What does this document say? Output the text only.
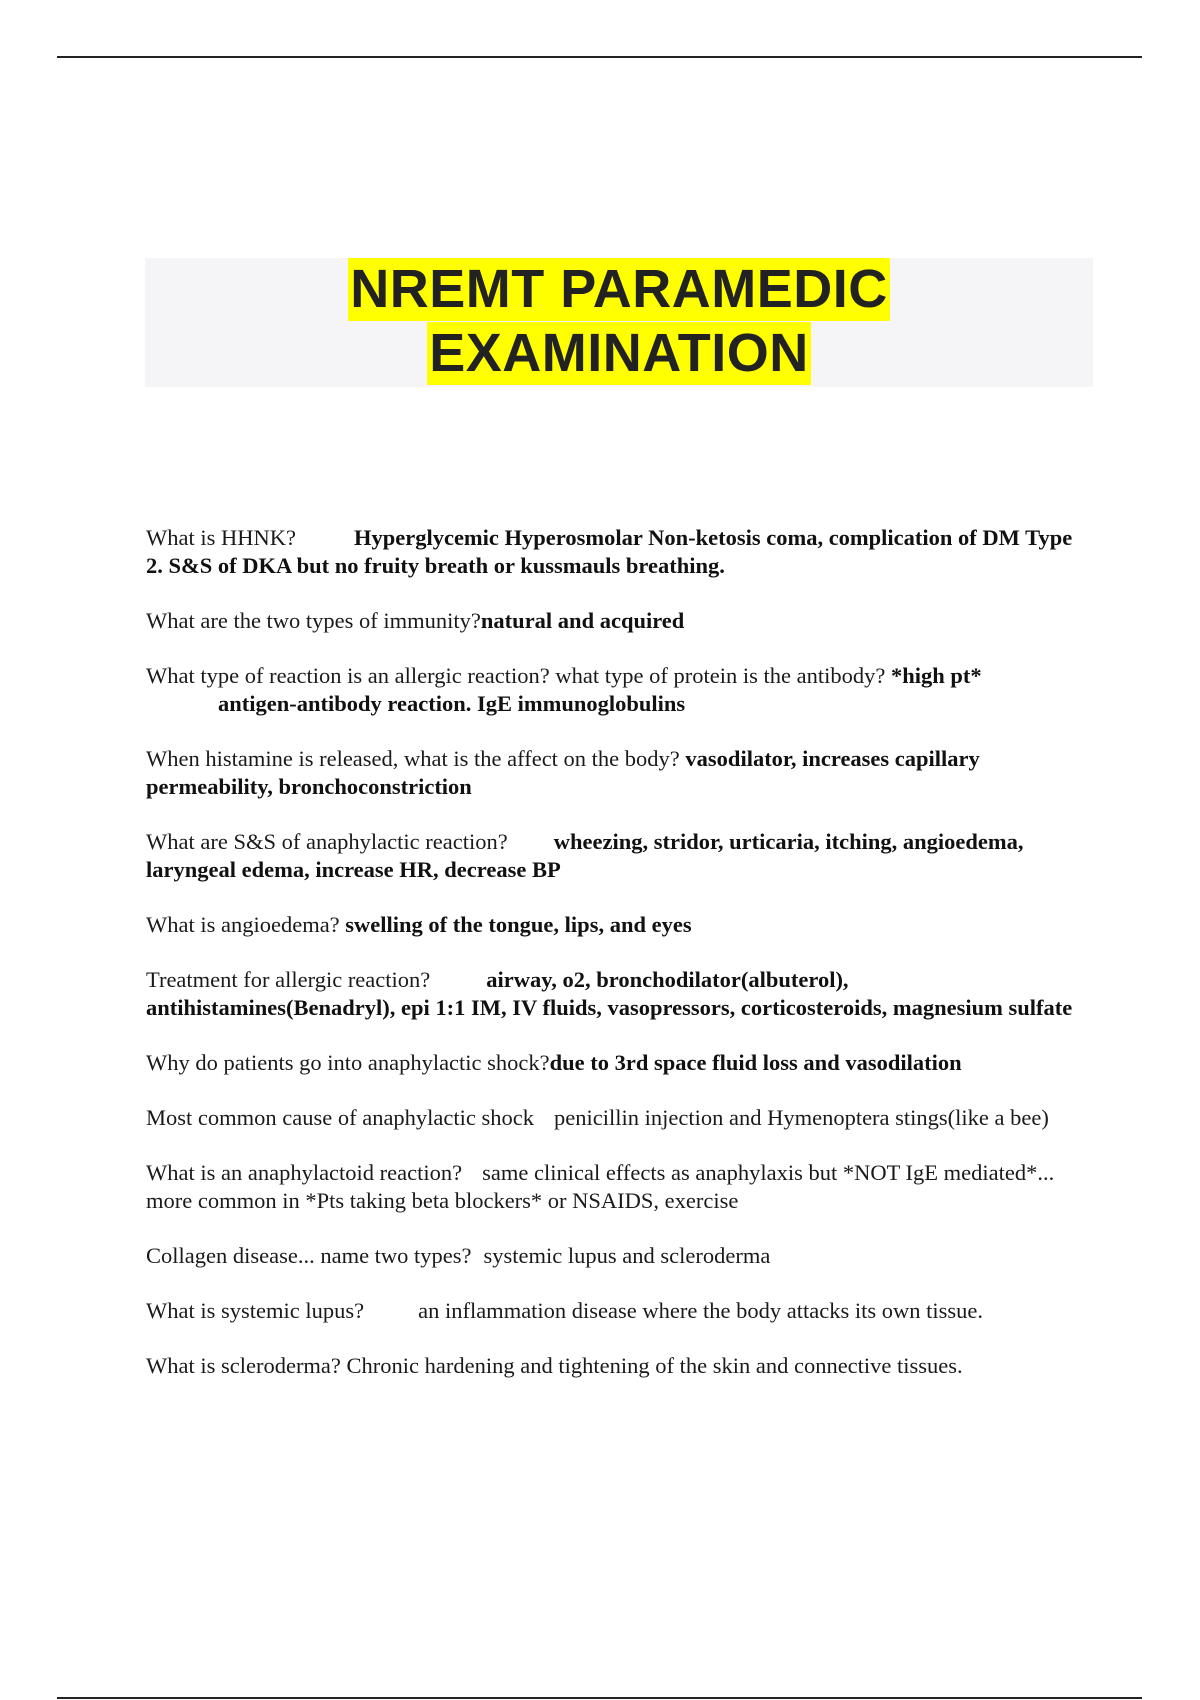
NREMT PARAMEDIC
EXAMINATION

What is HHNK?	Hyperglycemic Hyperosmolar Non-ketosis coma, complication of DM Type 2. S&S of DKA but no fruity breath or kussmauls breathing.

What are the two types of immunity?natural and acquired

What type of reaction is an allergic reaction? what type of protein is the antibody? *high pt*
antigen-antibody reaction. IgE immunoglobulins

When histamine is released, what is the affect on the body? vasodilator, increases capillary permeability, bronchoconstriction

What are S&S of anaphylactic reaction? wheezing, stridor, urticaria, itching, angioedema, laryngeal edema, increase HR, decrease BP

What is angioedema? swelling of the tongue, lips, and eyes

Treatment for allergic reaction? airway, o2, bronchodilator(albuterol), antihistamines(Benadryl), epi 1:1 IM, IV fluids, vasopressors, corticosteroids, magnesium sulfate

Why do patients go into anaphylactic shock?due to 3rd space fluid loss and vasodilation

Most common cause of anaphylactic shock penicillin injection and Hymenoptera stings(like a bee)

What is an anaphylactoid reaction? same clinical effects as anaphylaxis but *NOT IgE mediated*... more common in *Pts taking beta blockers* or NSAIDS, exercise

Collagen disease... name two types? systemic lupus and scleroderma

What is systemic lupus? an inflammation disease where the body attacks its own tissue.

What is scleroderma? Chronic hardening and tightening of the skin and connective tissues.
